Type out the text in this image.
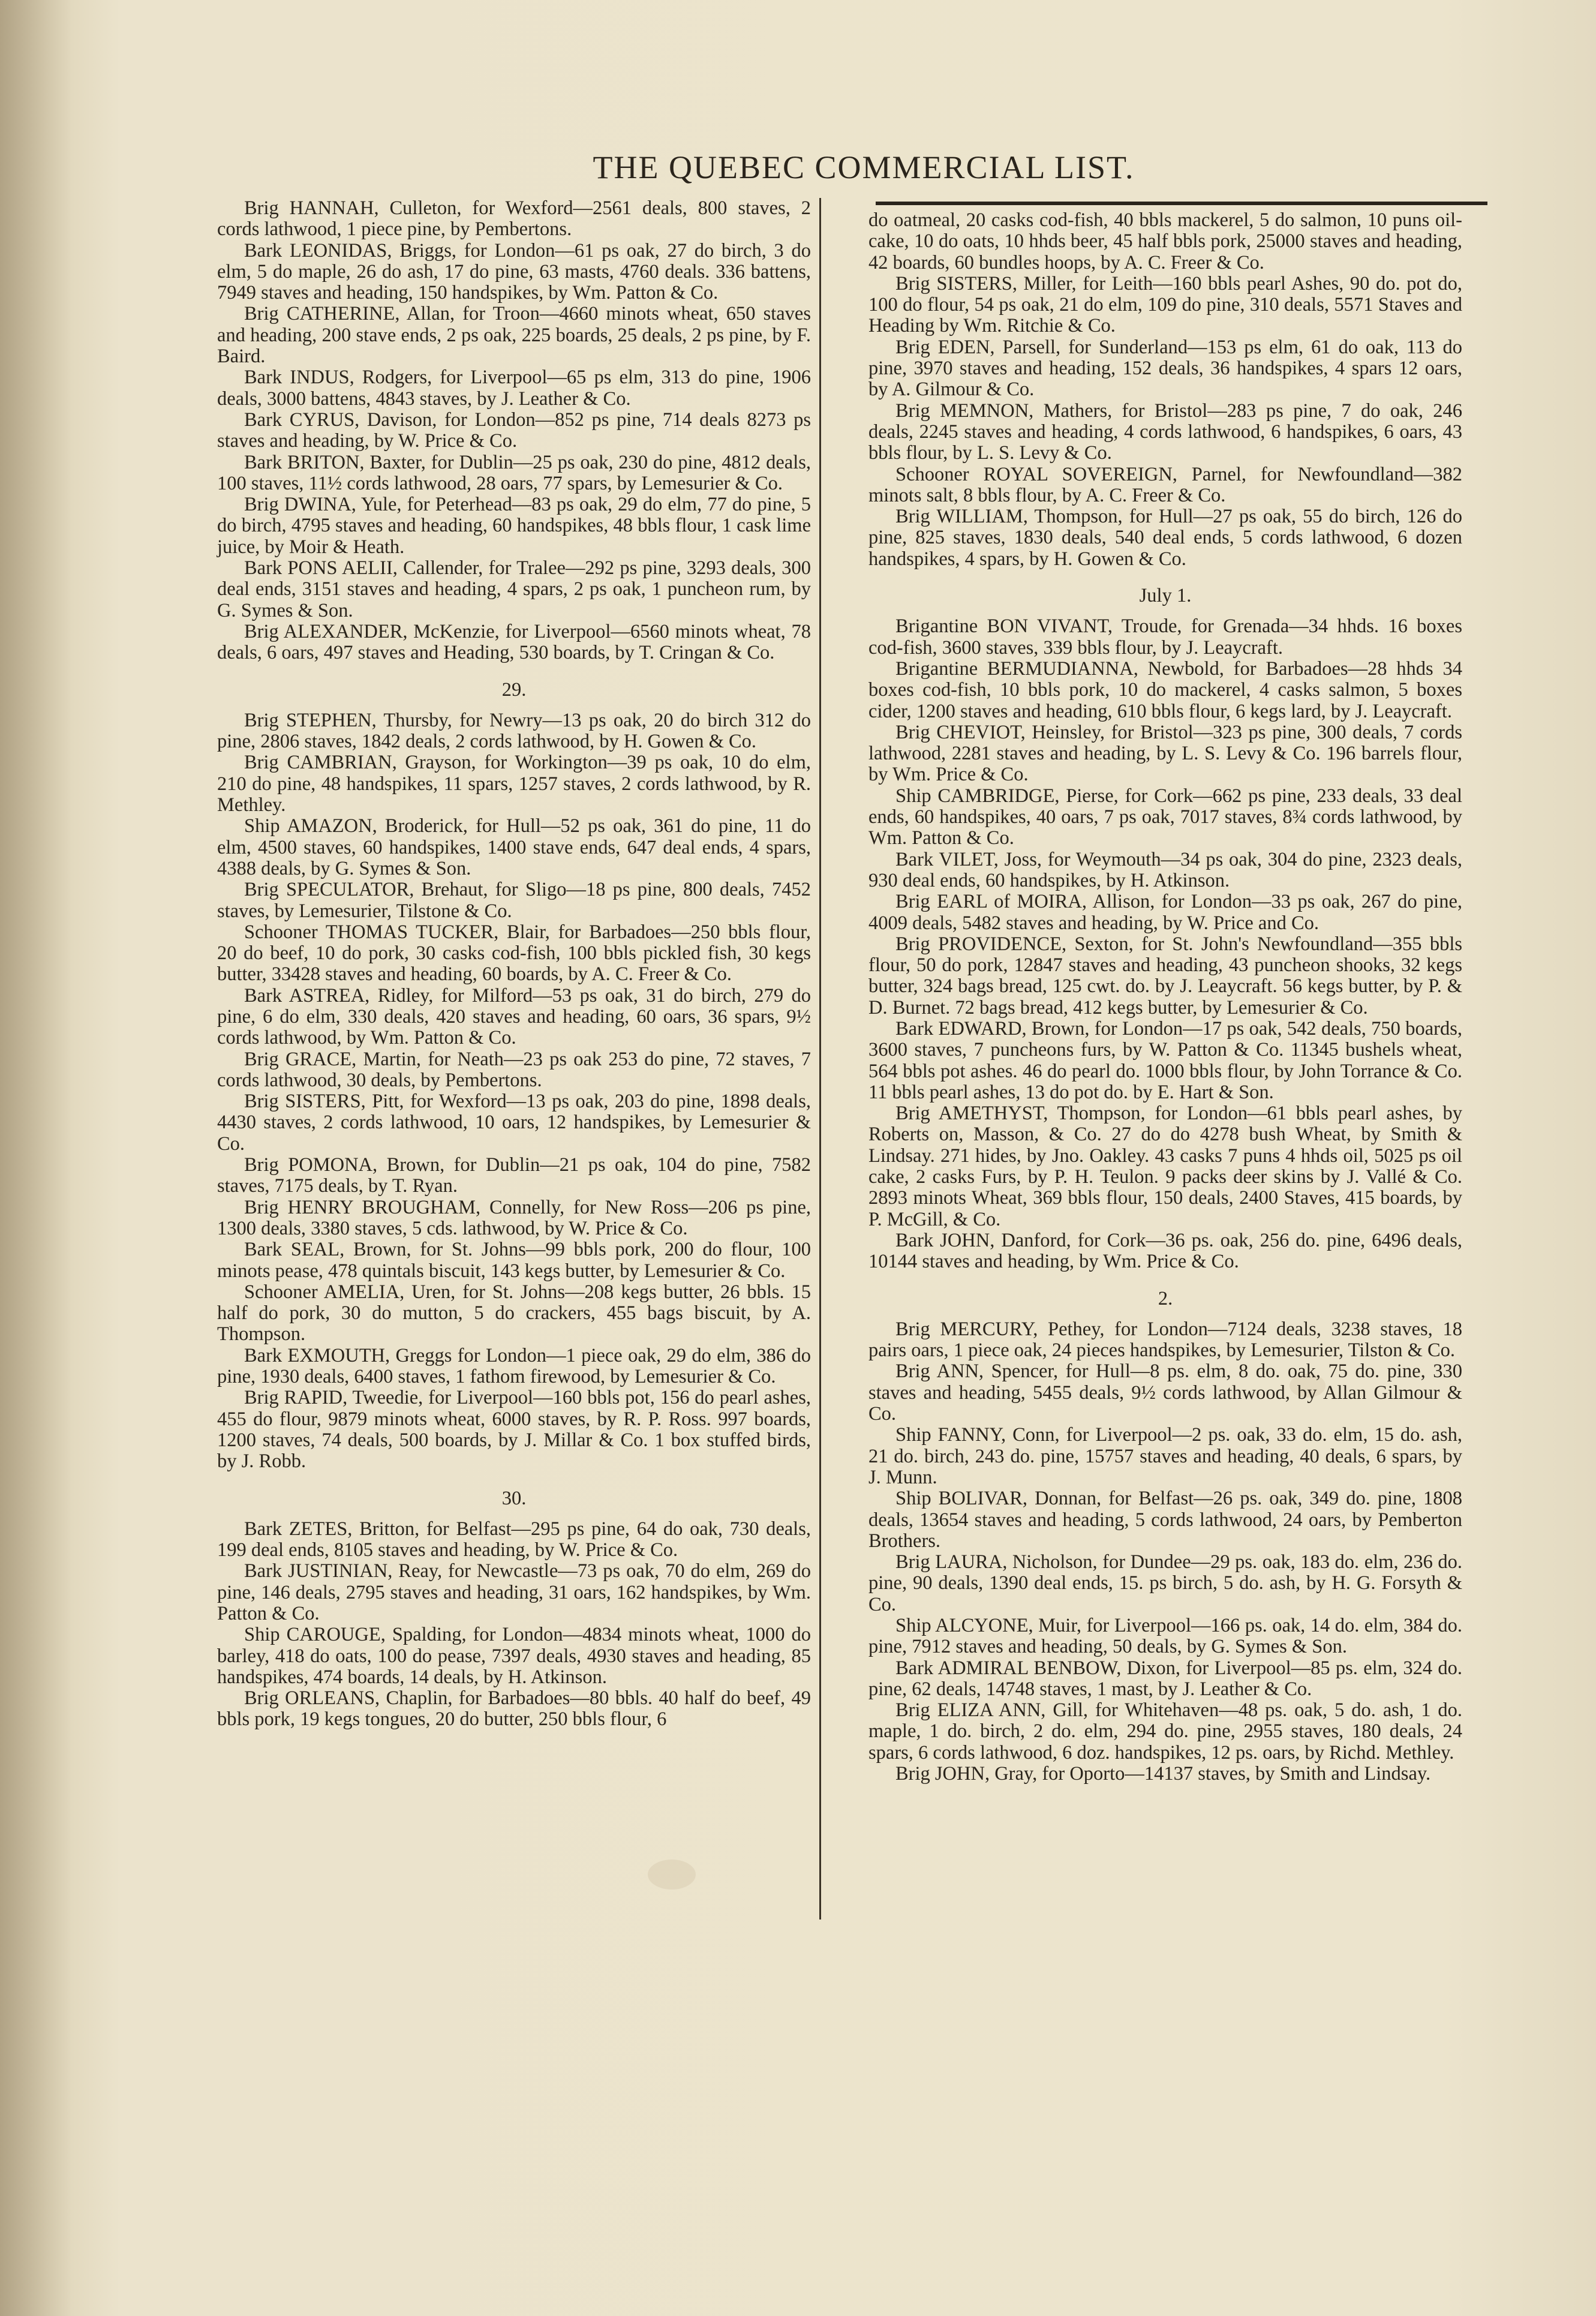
THE QUEBEC COMMERCIAL LIST.

Brig HANNAH, Culleton, for Wexford—2561 deals, 800 staves, 2 cords lathwood, 1 piece pine, by Pembertons.

Bark LEONIDAS, Briggs, for London—61 ps oak, 27 do birch, 3 do elm, 5 do maple, 26 do ash, 17 do pine, 63 masts, 4760 deals. 336 battens, 7949 staves and heading, 150 handspikes, by Wm. Patton & Co.

Brig CATHERINE, Allan, for Troon—4660 minots wheat, 650 staves and heading, 200 stave ends, 2 ps oak, 225 boards, 25 deals, 2 ps pine, by F. Baird.

Bark INDUS, Rodgers, for Liverpool—65 ps elm, 313 do pine, 1906 deals, 3000 battens, 4843 staves, by J. Leather & Co.

Bark CYRUS, Davison, for London—852 ps pine, 714 deals 8273 ps staves and heading, by W. Price & Co.

Bark BRITON, Baxter, for Dublin—25 ps oak, 230 do pine, 4812 deals, 100 staves, 11½ cords lathwood, 28 oars, 77 spars, by Lemesurier & Co.

Brig DWINA, Yule, for Peterhead—83 ps oak, 29 do elm, 77 do pine, 5 do birch, 4795 staves and heading, 60 handspikes, 48 bbls flour, 1 cask lime juice, by Moir & Heath.

Bark PONS AELII, Callender, for Tralee—292 ps pine, 3293 deals, 300 deal ends, 3151 staves and heading, 4 spars, 2 ps oak, 1 puncheon rum, by G. Symes & Son.

Brig ALEXANDER, McKenzie, for Liverpool—6560 minots wheat, 78 deals, 6 oars, 497 staves and Heading, 530 boards, by T. Cringan & Co.

29.

Brig STEPHEN, Thursby, for Newry—13 ps oak, 20 do birch 312 do pine, 2806 staves, 1842 deals, 2 cords lathwood, by H. Gowen & Co.

Brig CAMBRIAN, Grayson, for Workington—39 ps oak, 10 do elm, 210 do pine, 48 handspikes, 11 spars, 1257 staves, 2 cords lathwood, by R. Methley.

Ship AMAZON, Broderick, for Hull—52 ps oak, 361 do pine, 11 do elm, 4500 staves, 60 handspikes, 1400 stave ends, 647 deal ends, 4 spars, 4388 deals, by G. Symes & Son.

Brig SPECULATOR, Brehaut, for Sligo—18 ps pine, 800 deals, 7452 staves, by Lemesurier, Tilstone & Co.

Schooner THOMAS TUCKER, Blair, for Barbadoes—250 bbls flour, 20 do beef, 10 do pork, 30 casks cod-fish, 100 bbls pickled fish, 30 kegs butter, 33428 staves and heading, 60 boards, by A. C. Freer & Co.

Bark ASTREA, Ridley, for Milford—53 ps oak, 31 do birch, 279 do pine, 6 do elm, 330 deals, 420 staves and heading, 60 oars, 36 spars, 9½ cords lathwood, by Wm. Patton & Co.

Brig GRACE, Martin, for Neath—23 ps oak 253 do pine, 72 staves, 7 cords lathwood, 30 deals, by Pembertons.

Brig SISTERS, Pitt, for Wexford—13 ps oak, 203 do pine, 1898 deals, 4430 staves, 2 cords lathwood, 10 oars, 12 handspikes, by Lemesurier & Co.

Brig POMONA, Brown, for Dublin—21 ps oak, 104 do pine, 7582 staves, 7175 deals, by T. Ryan.

Brig HENRY BROUGHAM, Connelly, for New Ross—206 ps pine, 1300 deals, 3380 staves, 5 cds. lathwood, by W. Price & Co.

Bark SEAL, Brown, for St. Johns—99 bbls pork, 200 do flour, 100 minots pease, 478 quintals biscuit, 143 kegs butter, by Lemesurier & Co.

Schooner AMELIA, Uren, for St. Johns—208 kegs butter, 26 bbls. 15 half do pork, 30 do mutton, 5 do crackers, 455 bags biscuit, by A. Thompson.

Bark EXMOUTH, Greggs for London—1 piece oak, 29 do elm, 386 do pine, 1930 deals, 6400 staves, 1 fathom firewood, by Lemesurier & Co.

Brig RAPID, Tweedie, for Liverpool—160 bbls pot, 156 do pearl ashes, 455 do flour, 9879 minots wheat, 6000 staves, by R. P. Ross. 997 boards, 1200 staves, 74 deals, 500 boards, by J. Millar & Co. 1 box stuffed birds, by J. Robb.

30.

Bark ZETES, Britton, for Belfast—295 ps pine, 64 do oak, 730 deals, 199 deal ends, 8105 staves and heading, by W. Price & Co.

Bark JUSTINIAN, Reay, for Newcastle—73 ps oak, 70 do elm, 269 do pine, 146 deals, 2795 staves and heading, 31 oars, 162 handspikes, by Wm. Patton & Co.

Ship CAROUGE, Spalding, for London—4834 minots wheat, 1000 do barley, 418 do oats, 100 do pease, 7397 deals, 4930 staves and heading, 85 handspikes, 474 boards, 14 deals, by H. Atkinson.

Brig ORLEANS, Chaplin, for Barbadoes—80 bbls. 40 half do beef, 49 bbls pork, 19 kegs tongues, 20 do butter, 250 bbls flour, 6

do oatmeal, 20 casks cod-fish, 40 bbls mackerel, 5 do salmon, 10 puns oil-cake, 10 do oats, 10 hhds beer, 45 half bbls pork, 25000 staves and heading, 42 boards, 60 bundles hoops, by A. C. Freer & Co.

Brig SISTERS, Miller, for Leith—160 bbls pearl Ashes, 90 do. pot do, 100 do flour, 54 ps oak, 21 do elm, 109 do pine, 310 deals, 5571 Staves and Heading by Wm. Ritchie & Co.

Brig EDEN, Parsell, for Sunderland—153 ps elm, 61 do oak, 113 do pine, 3970 staves and heading, 152 deals, 36 handspikes, 4 spars 12 oars, by A. Gilmour & Co.

Brig MEMNON, Mathers, for Bristol—283 ps pine, 7 do oak, 246 deals, 2245 staves and heading, 4 cords lathwood, 6 handspikes, 6 oars, 43 bbls flour, by L. S. Levy & Co.

Schooner ROYAL SOVEREIGN, Parnel, for Newfoundland—382 minots salt, 8 bbls flour, by A. C. Freer & Co.

Brig WILLIAM, Thompson, for Hull—27 ps oak, 55 do birch, 126 do pine, 825 staves, 1830 deals, 540 deal ends, 5 cords lathwood, 6 dozen handspikes, 4 spars, by H. Gowen & Co.

July 1.

Brigantine BON VIVANT, Troude, for Grenada—34 hhds. 16 boxes cod-fish, 3600 staves, 339 bbls flour, by J. Leaycraft.

Brigantine BERMUDIANNA, Newbold, for Barbadoes—28 hhds 34 boxes cod-fish, 10 bbls pork, 10 do mackerel, 4 casks salmon, 5 boxes cider, 1200 staves and heading, 610 bbls flour, 6 kegs lard, by J. Leaycraft.

Brig CHEVIOT, Heinsley, for Bristol—323 ps pine, 300 deals, 7 cords lathwood, 2281 staves and heading, by L. S. Levy & Co. 196 barrels flour, by Wm. Price & Co.

Ship CAMBRIDGE, Pierse, for Cork—662 ps pine, 233 deals, 33 deal ends, 60 handspikes, 40 oars, 7 ps oak, 7017 staves, 8¾ cords lathwood, by Wm. Patton & Co.

Bark VILET, Joss, for Weymouth—34 ps oak, 304 do pine, 2323 deals, 930 deal ends, 60 handspikes, by H. Atkinson.

Brig EARL of MOIRA, Allison, for London—33 ps oak, 267 do pine, 4009 deals, 5482 staves and heading, by W. Price and Co.

Brig PROVIDENCE, Sexton, for St. John's Newfoundland—355 bbls flour, 50 do pork, 12847 staves and heading, 43 puncheon shooks, 32 kegs butter, 324 bags bread, 125 cwt. do. by J. Leaycraft. 56 kegs butter, by P. & D. Burnet. 72 bags bread, 412 kegs butter, by Lemesurier & Co.

Bark EDWARD, Brown, for London—17 ps oak, 542 deals, 750 boards, 3600 staves, 7 puncheons furs, by W. Patton & Co. 11345 bushels wheat, 564 bbls pot ashes. 46 do pearl do. 1000 bbls flour, by John Torrance & Co. 11 bbls pearl ashes, 13 do pot do. by E. Hart & Son.

Brig AMETHYST, Thompson, for London—61 bbls pearl ashes, by Roberts on, Masson, & Co. 27 do do 4278 bush Wheat, by Smith & Lindsay. 271 hides, by Jno. Oakley. 43 casks 7 puns 4 hhds oil, 5025 ps oil cake, 2 casks Furs, by P. H. Teulon. 9 packs deer skins by J. Vallé & Co. 2893 minots Wheat, 369 bbls flour, 150 deals, 2400 Staves, 415 boards, by P. McGill, & Co.

Bark JOHN, Danford, for Cork—36 ps. oak, 256 do. pine, 6496 deals, 10144 staves and heading, by Wm. Price & Co.

2.

Brig MERCURY, Pethey, for London—7124 deals, 3238 staves, 18 pairs oars, 1 piece oak, 24 pieces handspikes, by Lemesurier, Tilston & Co.

Brig ANN, Spencer, for Hull—8 ps. elm, 8 do. oak, 75 do. pine, 330 staves and heading, 5455 deals, 9½ cords lathwood, by Allan Gilmour & Co.

Ship FANNY, Conn, for Liverpool—2 ps. oak, 33 do. elm, 15 do. ash, 21 do. birch, 243 do. pine, 15757 staves and heading, 40 deals, 6 spars, by J. Munn.

Ship BOLIVAR, Donnan, for Belfast—26 ps. oak, 349 do. pine, 1808 deals, 13654 staves and heading, 5 cords lathwood, 24 oars, by Pemberton Brothers.

Brig LAURA, Nicholson, for Dundee—29 ps. oak, 183 do. elm, 236 do. pine, 90 deals, 1390 deal ends, 15. ps birch, 5 do. ash, by H. G. Forsyth & Co.

Ship ALCYONE, Muir, for Liverpool—166 ps. oak, 14 do. elm, 384 do. pine, 7912 staves and heading, 50 deals, by G. Symes & Son.

Bark ADMIRAL BENBOW, Dixon, for Liverpool—85 ps. elm, 324 do. pine, 62 deals, 14748 staves, 1 mast, by J. Leather & Co.

Brig ELIZA ANN, Gill, for Whitehaven—48 ps. oak, 5 do. ash, 1 do. maple, 1 do. birch, 2 do. elm, 294 do. pine, 2955 staves, 180 deals, 24 spars, 6 cords lathwood, 6 doz. handspikes, 12 ps. oars, by Richd. Methley.

Brig JOHN, Gray, for Oporto—14137 staves, by Smith and Lindsay.
